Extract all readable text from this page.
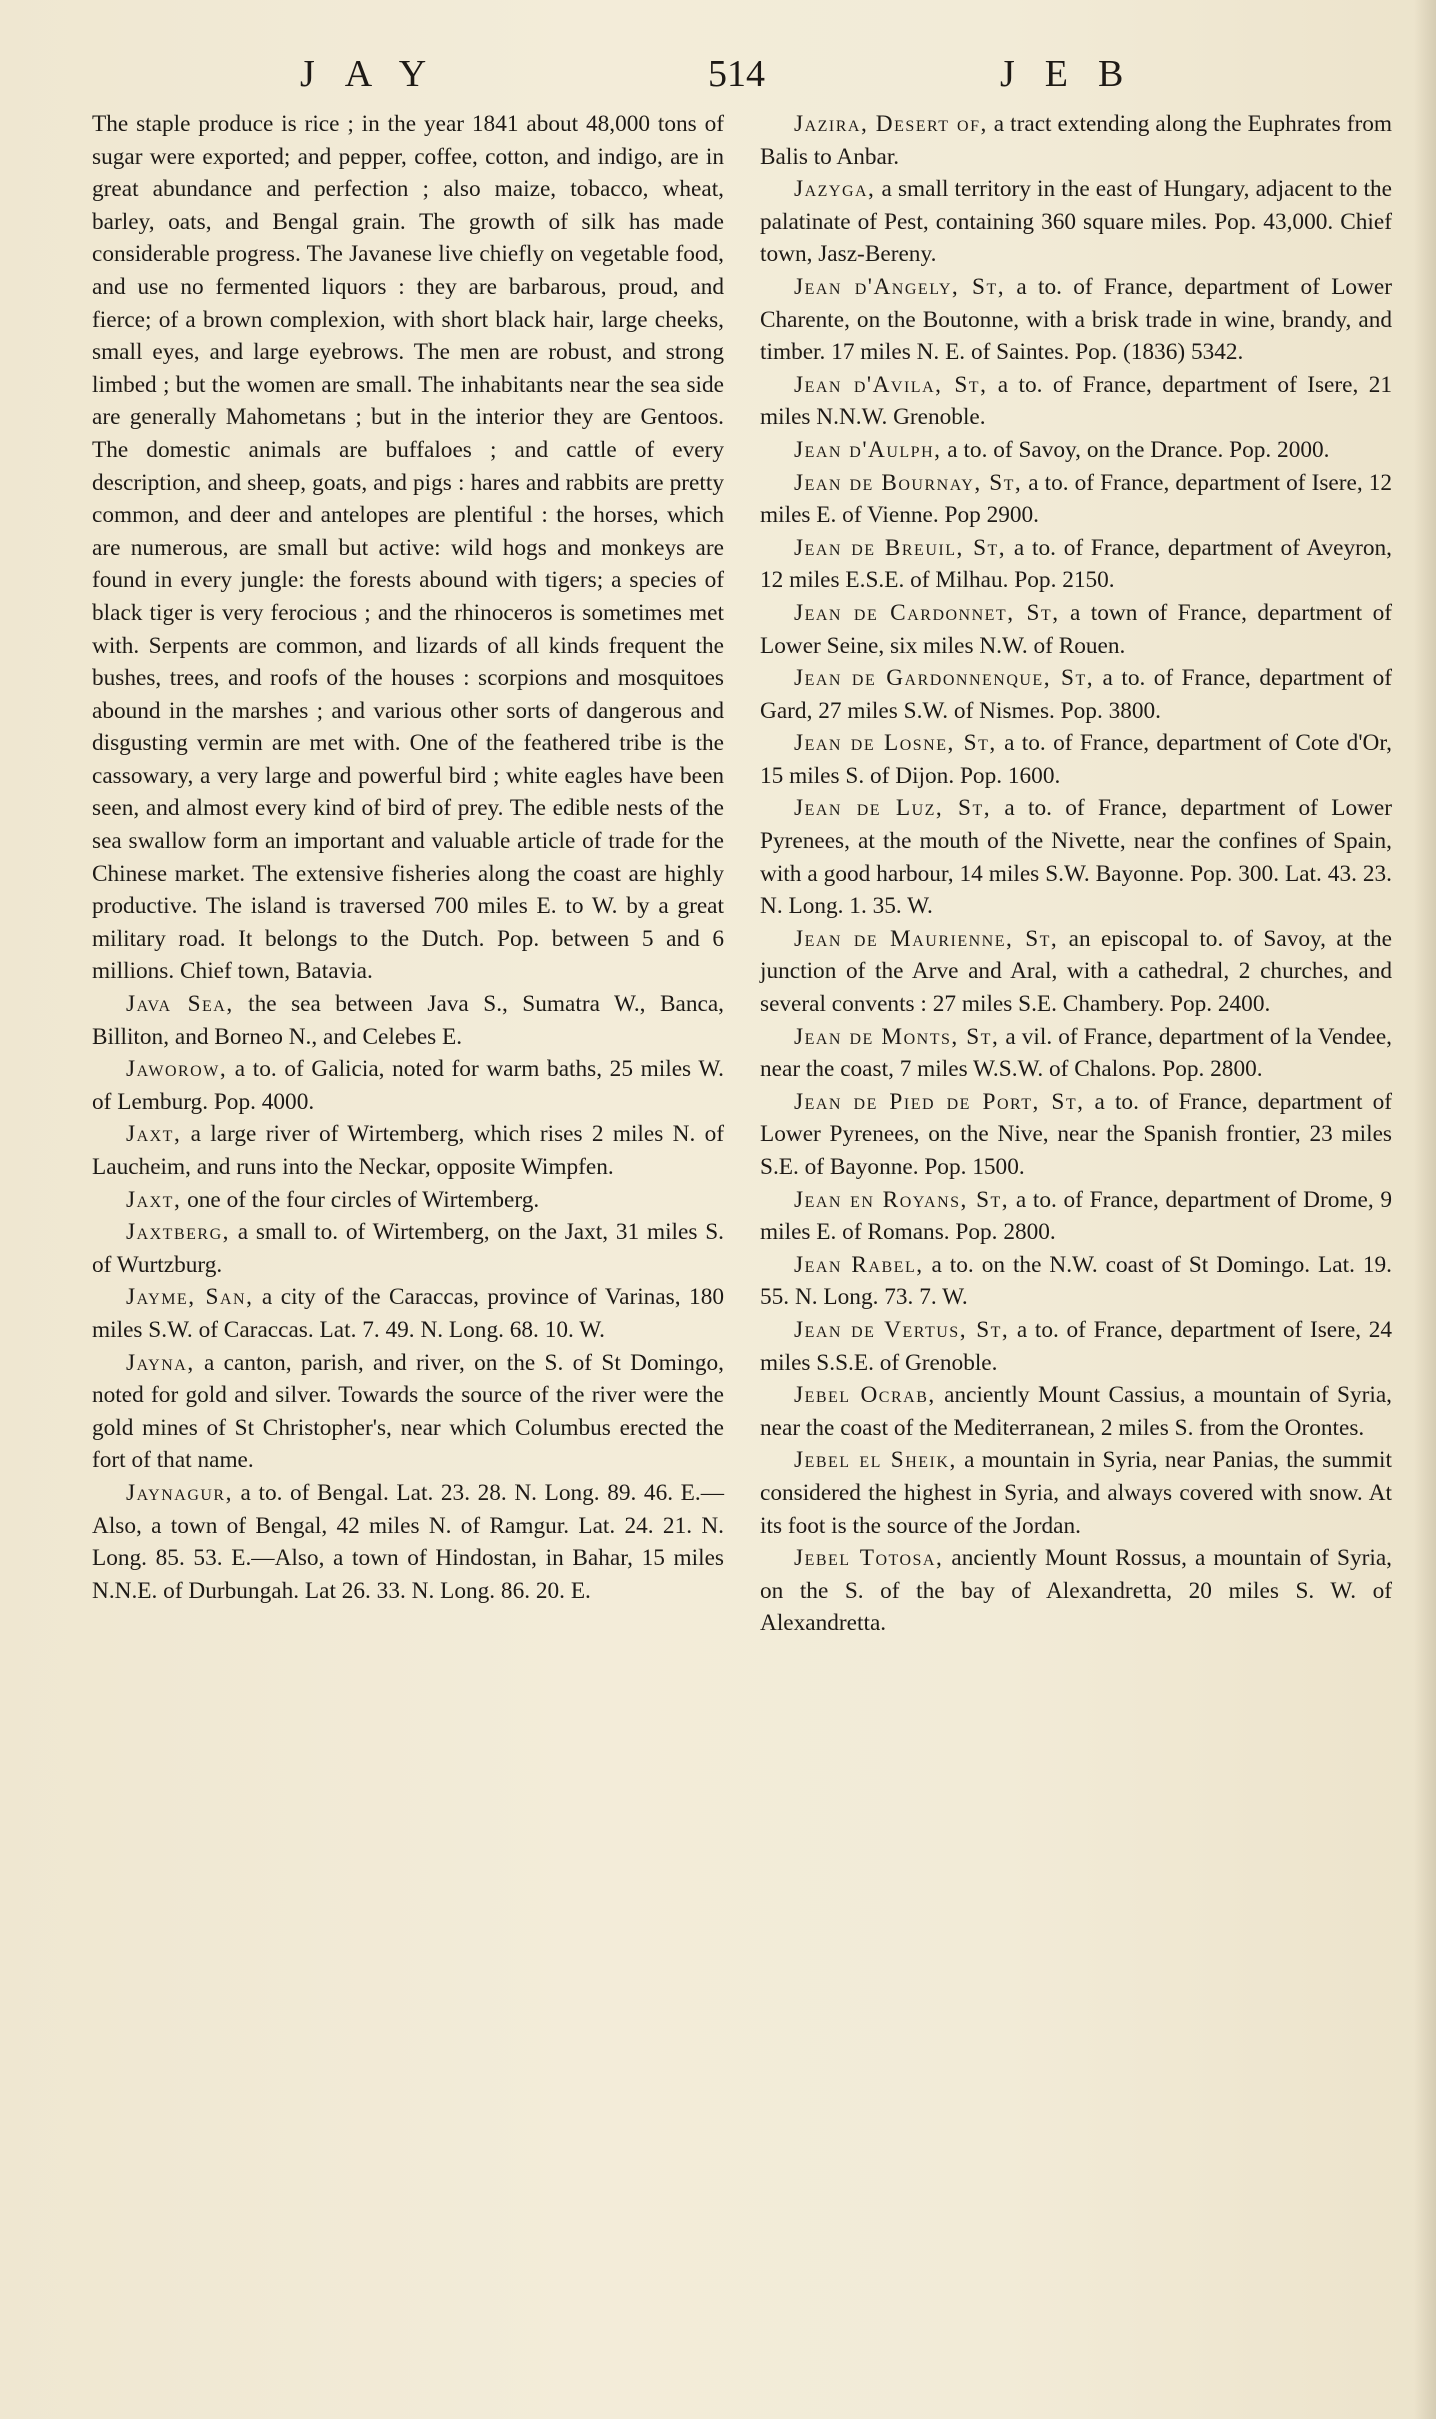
JAY	514	JEB

The staple produce is rice ; in the year 1841 about 48,000 tons of sugar were exported; and pepper, coffee, cotton, and indigo, are in great abundance and perfection ; also maize, tobacco, wheat, barley, oats, and Bengal grain. The growth of silk has made considerable progress. The Javanese live chiefly on vegetable food, and use no fermented liquors : they are barbarous, proud, and fierce; of a brown complexion, with short black hair, large cheeks, small eyes, and large eyebrows. The men are robust, and strong limbed ; but the women are small. The inhabitants near the sea side are generally Mahometans ; but in the interior they are Gentoos. The domestic animals are buffaloes ; and cattle of every description, and sheep, goats, and pigs : hares and rabbits are pretty common, and deer and antelopes are plentiful : the horses, which are numerous, are small but active: wild hogs and monkeys are found in every jungle: the forests abound with tigers; a species of black tiger is very ferocious ; and the rhinoceros is sometimes met with. Serpents are common, and lizards of all kinds frequent the bushes, trees, and roofs of the houses : scorpions and mosquitoes abound in the marshes ; and various other sorts of dangerous and disgusting vermin are met with. One of the feathered tribe is the cassowary, a very large and powerful bird ; white eagles have been seen, and almost every kind of bird of prey. The edible nests of the sea swallow form an important and valuable article of trade for the Chinese market. The extensive fisheries along the coast are highly productive. The island is traversed 700 miles E. to W. by a great military road. It belongs to the Dutch. Pop. between 5 and 6 millions. Chief town, Batavia.

Java Sea, the sea between Java S., Sumatra W., Banca, Billiton, and Borneo N., and Celebes E.

Jaworow, a to. of Galicia, noted for warm baths, 25 miles W. of Lemburg. Pop. 4000.

Jaxt, a large river of Wirtemberg, which rises 2 miles N. of Laucheim, and runs into the Neckar, opposite Wimpfen.

Jaxt, one of the four circles of Wirtemberg.

Jaxtberg, a small to. of Wirtemberg, on the Jaxt, 31 miles S. of Wurtzburg.

Jayme, San, a city of the Caraccas, province of Varinas, 180 miles S.W. of Caraccas. Lat. 7. 49. N. Long. 68. 10. W.

Jayna, a canton, parish, and river, on the S. of St Domingo, noted for gold and silver. Towards the source of the river were the gold mines of St Christopher's, near which Columbus erected the fort of that name.

Jaynagur, a to. of Bengal. Lat. 23. 28. N. Long. 89. 46. E.—Also, a town of Bengal, 42 miles N. of Ramgur. Lat. 24. 21. N. Long. 85. 53. E.—Also, a town of Hindostan, in Bahar, 15 miles N.N.E. of Durbungah. Lat 26. 33. N. Long. 86. 20. E.

Jazira, Desert of, a tract extending along the Euphrates from Balis to Anbar.

Jazyga, a small territory in the east of Hungary, adjacent to the palatinate of Pest, containing 360 square miles. Pop. 43,000. Chief town, Jasz-Bereny.

Jean d'Angely, St, a to. of France, department of Lower Charente, on the Boutonne, with a brisk trade in wine, brandy, and timber. 17 miles N. E. of Saintes. Pop. (1836) 5342.

Jean d'Avila, St, a to. of France, department of Isere, 21 miles N.N.W. Grenoble.

Jean d'Aulph, a to. of Savoy, on the Drance. Pop. 2000.

Jean de Bournay, St, a to. of France, department of Isere, 12 miles E. of Vienne. Pop 2900.

Jean de Breuil, St, a to. of France, department of Aveyron, 12 miles E.S.E. of Milhau. Pop. 2150.

Jean de Cardonnet, St, a town of France, department of Lower Seine, six miles N.W. of Rouen.

Jean de Gardonnenque, St, a to. of France, department of Gard, 27 miles S.W. of Nismes. Pop. 3800.

Jean de Losne, St, a to. of France, department of Cote d'Or, 15 miles S. of Dijon. Pop. 1600.

Jean de Luz, St, a to. of France, department of Lower Pyrenees, at the mouth of the Nivette, near the confines of Spain, with a good harbour, 14 miles S.W. Bayonne. Pop. 300. Lat. 43. 23. N. Long. 1. 35. W.

Jean de Maurienne, St, an episcopal to. of Savoy, at the junction of the Arve and Aral, with a cathedral, 2 churches, and several convents : 27 miles S.E. Chambery. Pop. 2400.

Jean de Monts, St, a vil. of France, department of la Vendee, near the coast, 7 miles W.S.W. of Chalons. Pop. 2800.

Jean de Pied de Port, St, a to. of France, department of Lower Pyrenees, on the Nive, near the Spanish frontier, 23 miles S.E. of Bayonne. Pop. 1500.

Jean en Royans, St, a to. of France, department of Drome, 9 miles E. of Romans. Pop. 2800.

Jean Rabel, a to. on the N.W. coast of St Domingo. Lat. 19. 55. N. Long. 73. 7. W.

Jean de Vertus, St, a to. of France, department of Isere, 24 miles S.S.E. of Grenoble.

Jebel Ocrab, anciently Mount Cassius, a mountain of Syria, near the coast of the Mediterranean, 2 miles S. from the Orontes.

Jebel el Sheik, a mountain in Syria, near Panias, the summit considered the highest in Syria, and always covered with snow. At its foot is the source of the Jordan.

Jebel Totosa, anciently Mount Rossus, a mountain of Syria, on the S. of the bay of Alexandretta, 20 miles S. W. of Alexandretta.
